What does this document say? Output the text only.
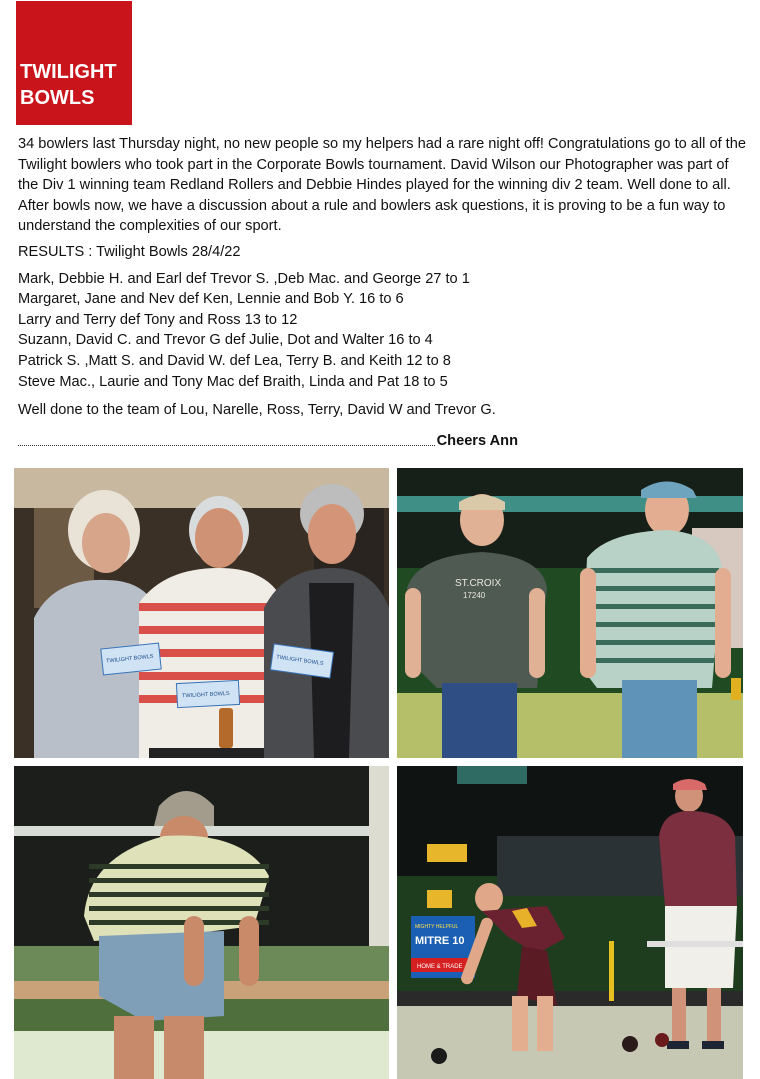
TWILIGHT
BOWLS

34 bowlers last Thursday night, no new people so my helpers had a rare night off! Congratulations go to all of the Twilight bowlers who took part in the Corporate Bowls tournament. David Wilson our Photographer was part of the Div 1 winning team Redland Rollers and Debbie Hindes played for the winning div 2 team. Well done to all. After bowls now, we have a discussion about a rule and bowlers ask questions, it is proving to be a fun way to understand the complexities of our sport.

RESULTS : Twilight Bowls 28/4/22

Mark, Debbie H. and Earl def Trevor S. ,Deb Mac. and George 27 to 1
Margaret, Jane and Nev def Ken, Lennie and Bob Y. 16 to 6
Larry and Terry def Tony and Ross 13 to 12
Suzann, David C. and Trevor G def Julie, Dot and Walter 16 to 4
Patrick S. ,Matt S. and David W. def Lea, Terry B. and Keith 12 to 8
Steve Mac., Laurie and Tony Mac def Braith, Linda and Pat 18 to 5

Well done to the team of Lou, Narelle, Ross, Terry, David W and Trevor G.

Cheers Ann
TWILIGHT BOWLS
TWILIGHT BOWLS
TWILIGHT BOWLS
ST.CROIX
17240
MIGHTY HELPFUL
MITRE 10
HOME & TRADE
